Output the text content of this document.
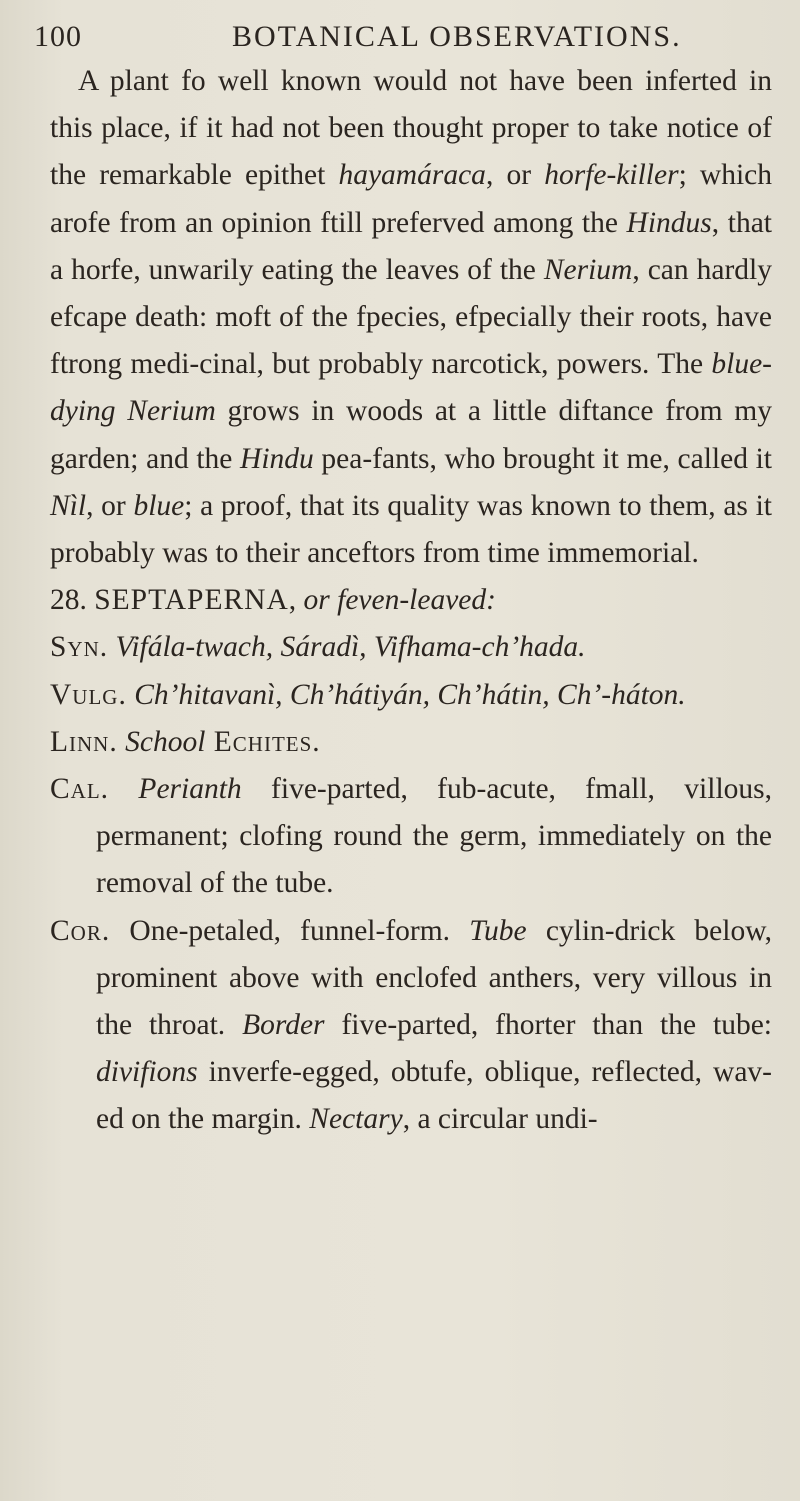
100	BOTANICAL OBSERVATIONS.

A plant fo well known would not have been inferted in this place, if it had not been thought proper to take notice of the remarkable epithet hayamáraca, or horfe-killer; which arofe from an opinion ftill preferved among the Hindus, that a horfe, unwarily eating the leaves of the Nerium, can hardly efcape death: moft of the fpecies, efpecially their roots, have ftrong medi-cinal, but probably narcotick, powers. The blue-dying Nerium grows in woods at a little diftance from my garden; and the Hindu pea-fants, who brought it me, called it Nìl, or blue; a proof, that its quality was known to them, as it probably was to their anceftors from time immemorial.

28. SEPTAPERNA, or feven-leaved:

Syn. Vifála-twach, Sáradì, Vifhama-ch’hada.

Vulg. Ch’hitavanì, Ch’hátiyán, Ch’hátin, Ch’-háton.

Linn. School Echites.

Cal. Perianth five-parted, fub-acute, fmall, villous, permanent; clofing round the germ, immediately on the removal of the tube.

Cor. One-petaled, funnel-form. Tube cylin-drick below, prominent above with enclofed anthers, very villous in the throat. Border five-parted, fhorter than the tube: divifions inverfe-egged, obtufe, oblique, reflected, wav-ed on the margin. Nectary, a circular undi-
